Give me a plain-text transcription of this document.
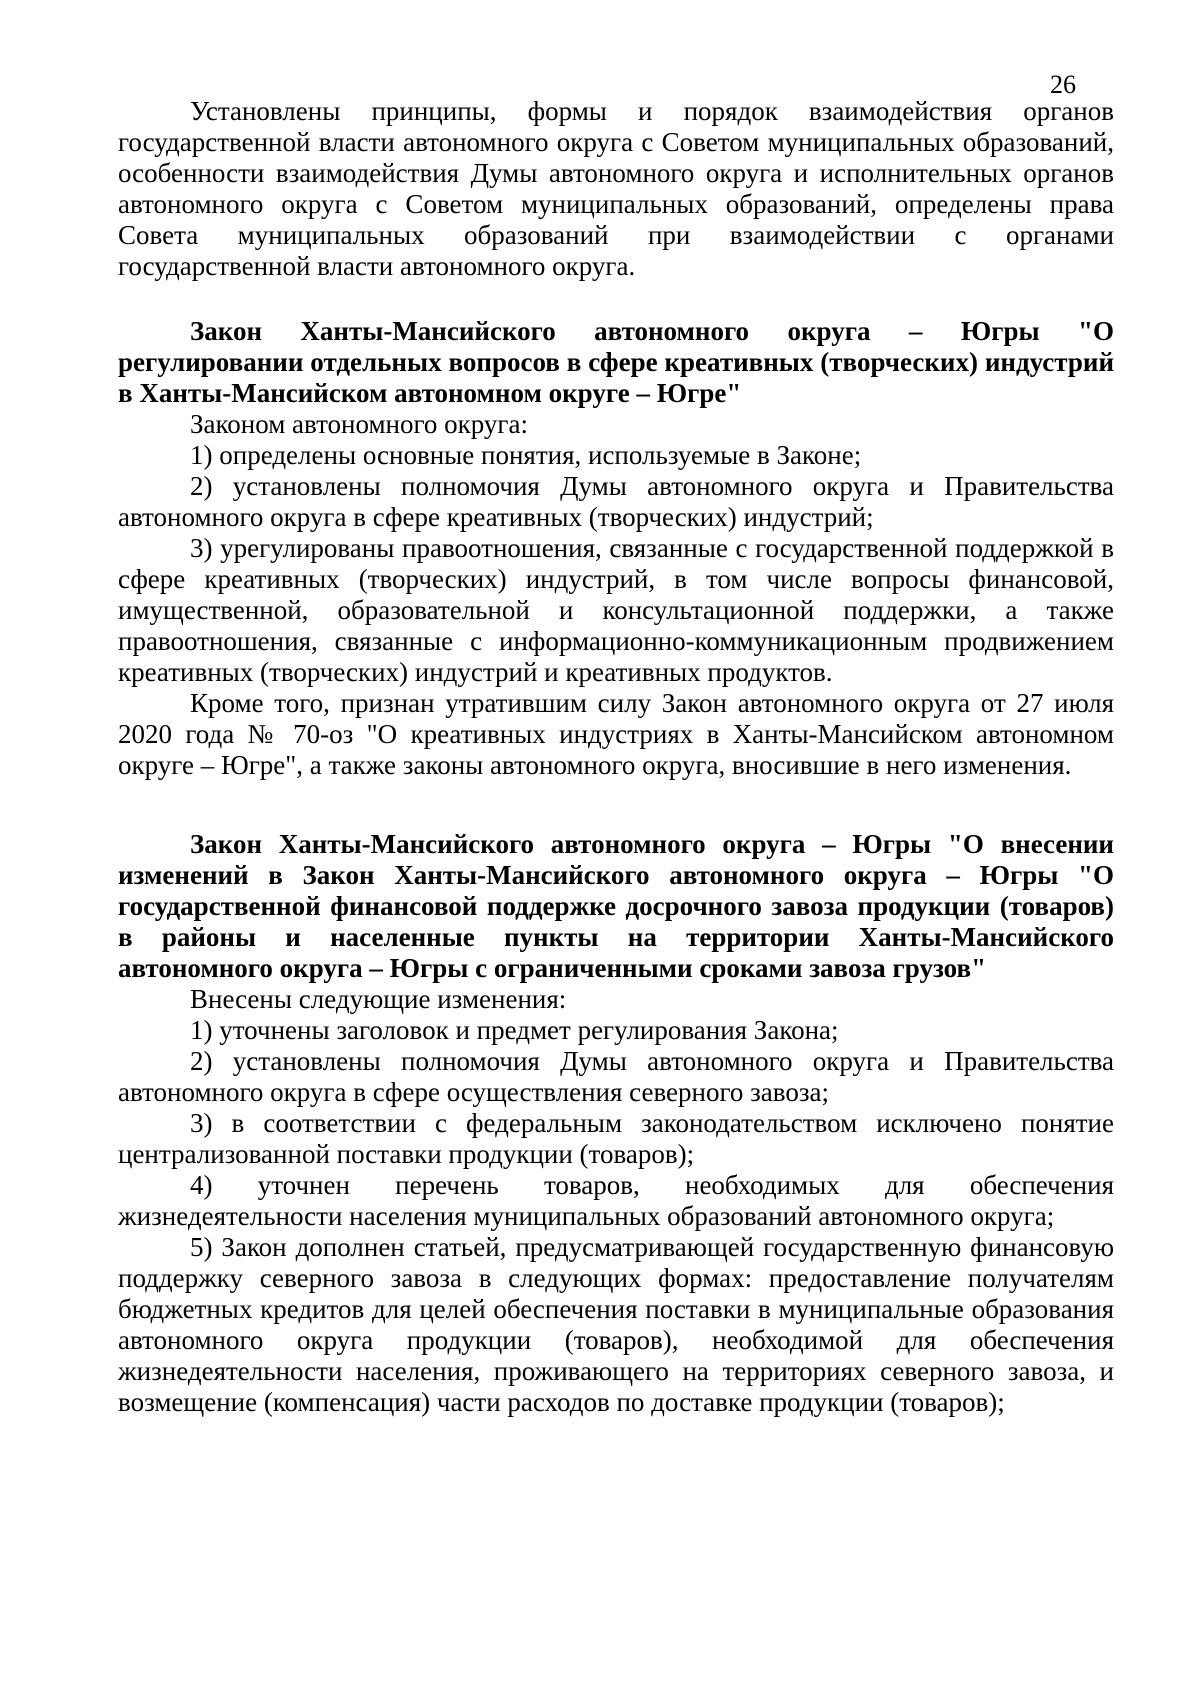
26

Установлены принципы, формы и порядок взаимодействия органов государственной власти автономного округа с Советом муниципальных образований, особенности взаимодействия Думы автономного округа и исполнительных органов автономного округа с Советом муниципальных образований, определены права Совета муниципальных образований при взаимодействии с органами государственной власти автономного округа.

Закон Ханты-Мансийского автономного округа – Югры "О регулировании отдельных вопросов в сфере креативных (творческих) индустрий в Ханты-Мансийском автономном округе – Югре"

Законом автономного округа:

1) определены основные понятия, используемые в Законе;

2) установлены полномочия Думы автономного округа и Правительства автономного округа в сфере креативных (творческих) индустрий;

3) урегулированы правоотношения, связанные с государственной поддержкой в сфере креативных (творческих) индустрий, в том числе вопросы финансовой, имущественной, образовательной и консультационной поддержки, а также правоотношения, связанные с информационно-коммуникационным продвижением креативных (творческих) индустрий и креативных продуктов.

Кроме того, признан утратившим силу Закон автономного округа от 27 июля 2020 года № 70-оз "О креативных индустриях в Ханты-Мансийском автономном округе – Югре", а также законы автономного округа, вносившие в него изменения.

Закон Ханты-Мансийского автономного округа – Югры "О внесении изменений в Закон Ханты-Мансийского автономного округа – Югры "О государственной финансовой поддержке досрочного завоза продукции (товаров) в районы и населенные пункты на территории Ханты-Мансийского автономного округа – Югры с ограниченными сроками завоза грузов"

Внесены следующие изменения:

1) уточнены заголовок и предмет регулирования Закона;

2) установлены полномочия Думы автономного округа и Правительства автономного округа в сфере осуществления северного завоза;

3) в соответствии с федеральным законодательством исключено понятие централизованной поставки продукции (товаров);

4) уточнен перечень товаров, необходимых для обеспечения жизнедеятельности населения муниципальных образований автономного округа;

5) Закон дополнен статьей, предусматривающей государственную финансовую поддержку северного завоза в следующих формах: предоставление получателям бюджетных кредитов для целей обеспечения поставки в муниципальные образования автономного округа продукции (товаров), необходимой для обеспечения жизнедеятельности населения, проживающего на территориях северного завоза, и возмещение (компенсация) части расходов по доставке продукции (товаров);
